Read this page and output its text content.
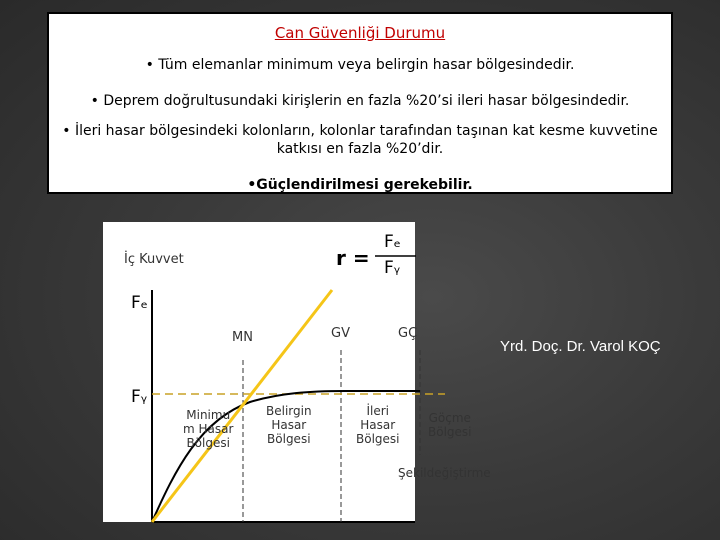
Can Güvenliği Durumu
• Tüm elemanlar minimum veya belirgin hasar bölgesindedir.
• Deprem doğrultusundaki kirişlerin en fazla %20’si ileri hasar bölgesindedir.
• İleri hasar bölgesindeki kolonların, kolonlar tarafından taşınan kat kesme kuvvetine katkısı en fazla %20’dir.
•Güçlendirilmesi gerekebilir.
İç Kuvvet	r =
Fₑ
Fᵧ
Fₑ
Fᵧ
MN	GV	GÇ
Minimu
m Hasar
Bölgesi
Belirgin
Hasar
Bölgesi
İleri
Hasar
Bölgesi
Göçme
Bölgesi
Şekildeğiştirme
Yrd. Doç. Dr. Varol KOÇ
